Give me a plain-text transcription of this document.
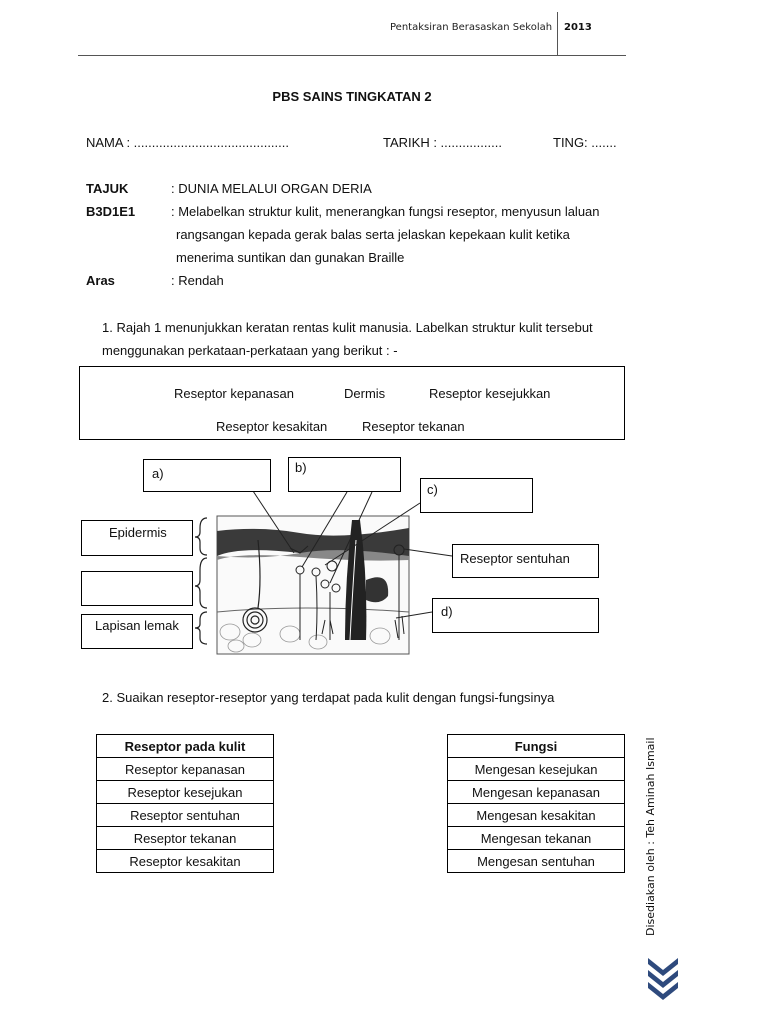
Pentaksiran Berasaskan Sekolah 2013
PBS SAINS TINGKATAN 2
NAMA : ...........................................	TARIKH : .................	TING: .......
TAJUK	: DUNIA MELALUI ORGAN DERIA
B3D1E1	: Melabelkan struktur kulit, menerangkan fungsi reseptor, menyusun laluan
rangsangan kepada gerak balas serta jelaskan kepekaan kulit ketika
menerima suntikan dan gunakan Braille
Aras	: Rendah
1. Rajah 1 menunjukkan keratan rentas kulit manusia. Labelkan struktur kulit tersebut
menggunakan perkataan-perkataan yang berikut : -
Reseptor kepanasan	Dermis	Reseptor kesejukkan
Reseptor kesakitan	Reseptor tekanan
a)	b)
c)
Epidermis
Reseptor sentuhan
d)
Lapisan lemak
2. Suaikan reseptor-reseptor yang terdapat pada kulit dengan fungsi-fungsinya
Reseptor pada kulit
Reseptor kepanasan
Reseptor kesejukan
Reseptor sentuhan
Reseptor tekanan
Reseptor kesakitan
Fungsi
Mengesan kesejukan
Mengesan kepanasan
Mengesan kesakitan
Mengesan tekanan
Mengesan sentuhan	Disediakan oleh : Teh Aminah Ismail
